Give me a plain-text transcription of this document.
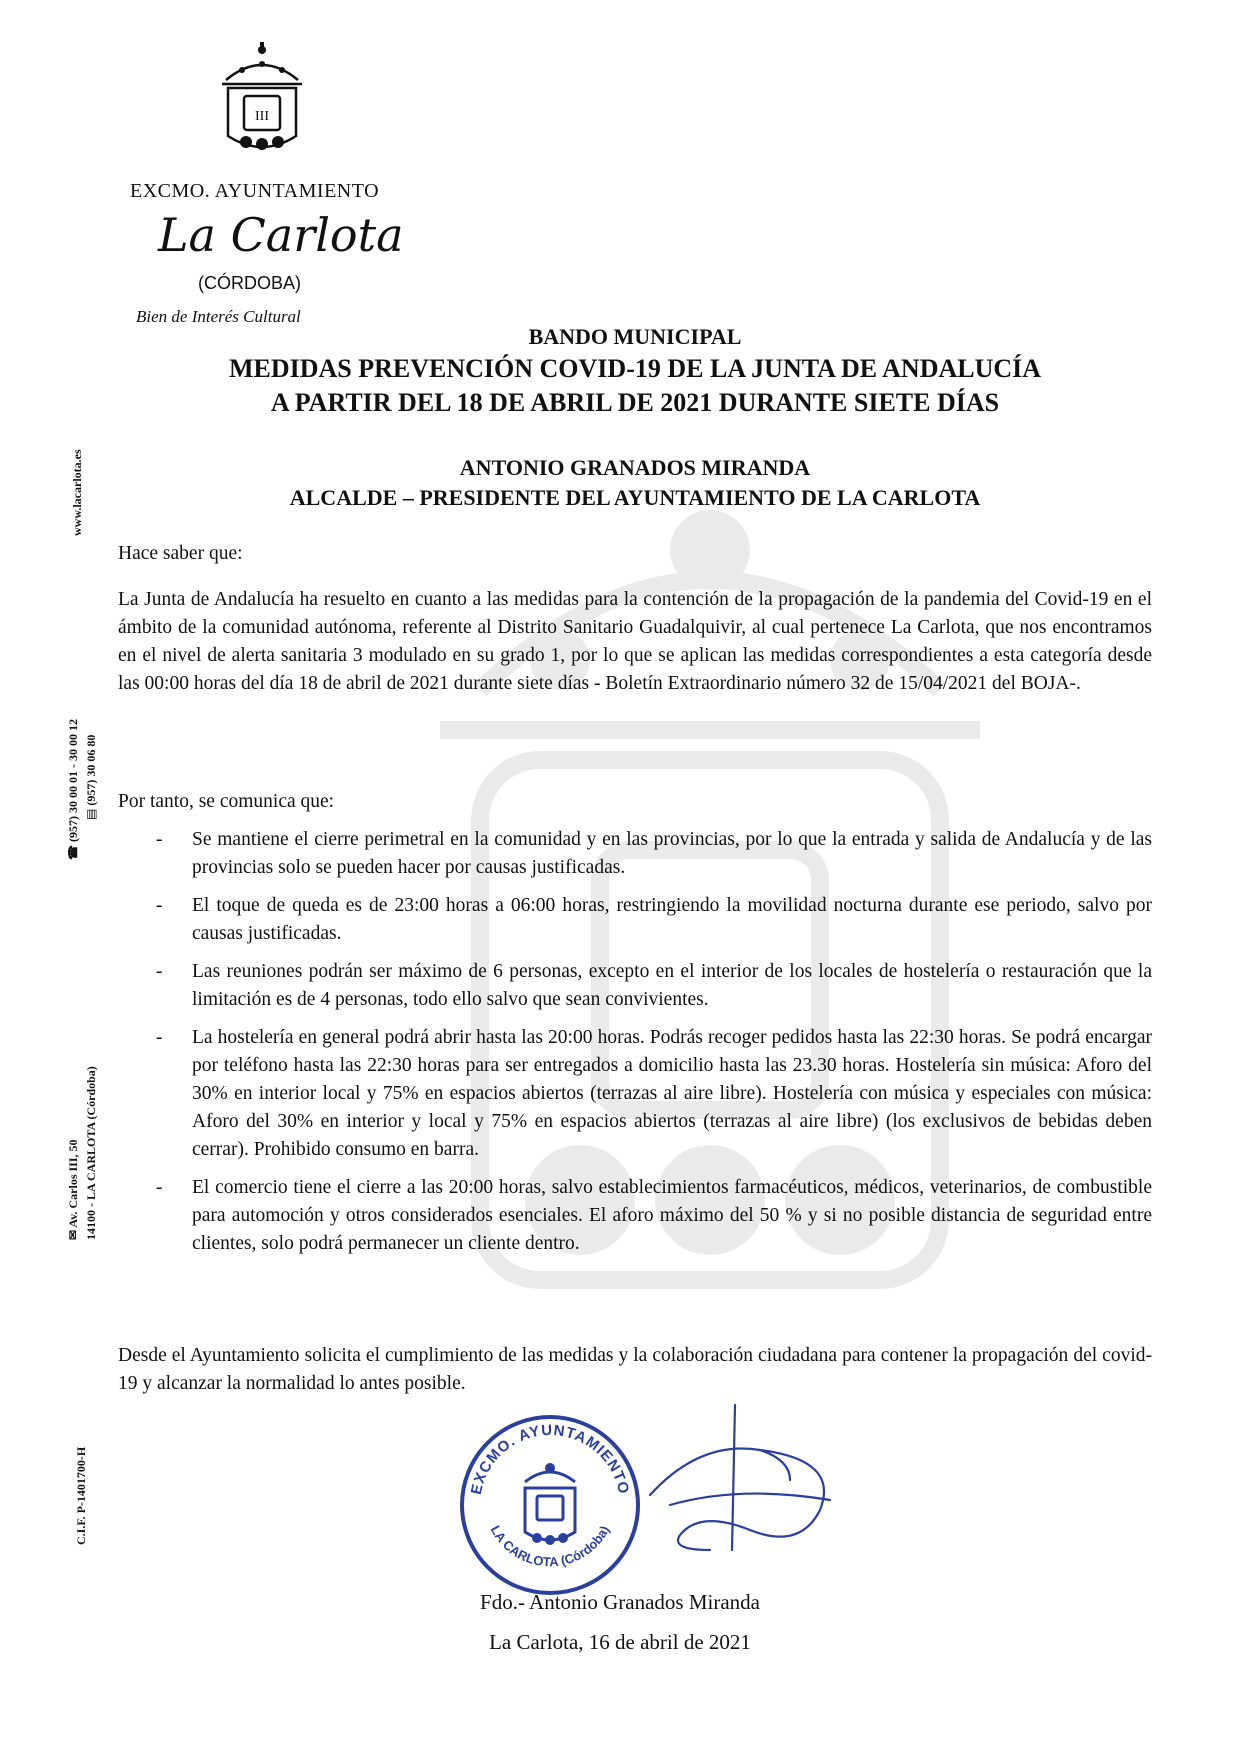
III
EXCMO. AYUNTAMIENTO
La Carlota
(CÓRDOBA)
Bien de Interés Cultural
www.lacarlota.es
☎ (957) 30 00 01 - 30 00 12 ▤ (957) 30 06 80
✉ Av. Carlos III, 50 14100 - LA CARLOTA (Córdoba)
C.I.F. P-1401700-H
BANDO MUNICIPAL
MEDIDAS PREVENCIÓN COVID-19 DE LA JUNTA DE ANDALUCÍA
A PARTIR DEL 18 DE ABRIL DE 2021 DURANTE SIETE DÍAS
ANTONIO GRANADOS MIRANDA
ALCALDE – PRESIDENTE DEL AYUNTAMIENTO DE LA CARLOTA
Hace saber que:
La Junta de Andalucía ha resuelto en cuanto a las medidas para la contención de la propagación de la pandemia del Covid-19 en el ámbito de la comunidad autónoma, referente al Distrito Sanitario Guadalquivir, al cual pertenece La Carlota, que nos encontramos en el nivel de alerta sanitaria 3 modulado en su grado 1, por lo que se aplican las medidas correspondientes a esta categoría desde las 00:00 horas del día 18 de abril de 2021 durante siete días - Boletín Extraordinario número 32 de 15/04/2021 del BOJA-.
Por tanto, se comunica que:
-	Se mantiene el cierre perimetral en la comunidad y en las provincias, por lo que la entrada y salida de Andalucía y de las provincias solo se pueden hacer por causas justificadas.
-	El toque de queda es de 23:00 horas a 06:00 horas, restringiendo la movilidad nocturna durante ese periodo, salvo por causas justificadas.
-	Las reuniones podrán ser máximo de 6 personas, excepto en el interior de los locales de hostelería o restauración que la limitación es de 4 personas, todo ello salvo que sean convivientes.
-	La hostelería en general podrá abrir hasta las 20:00 horas. Podrás recoger pedidos hasta las 22:30 horas. Se podrá encargar por teléfono hasta las 22:30 horas para ser entregados a domicilio hasta las 23.30 horas. Hostelería sin música: Aforo del 30% en interior local y 75% en espacios abiertos (terrazas al aire libre). Hostelería con música y especiales con música: Aforo del 30% en interior y local y 75% en espacios abiertos (terrazas al aire libre) (los exclusivos de bebidas deben cerrar). Prohibido consumo en barra.
-	El comercio tiene el cierre a las 20:00 horas, salvo establecimientos farmacéuticos, médicos, veterinarios, de combustible para automoción y otros considerados esenciales. El aforo máximo del 50 % y si no posible distancia de seguridad entre clientes, solo podrá permanecer un cliente dentro.
Desde el Ayuntamiento solicita el cumplimiento de las medidas y la colaboración ciudadana para contener la propagación del covid-19 y alcanzar la normalidad lo antes posible.
EXCMO. AYUNTAMIENTO
LA CARLOTA (Córdoba)
Fdo.- Antonio Granados Miranda
La Carlota, 16 de abril de 2021
